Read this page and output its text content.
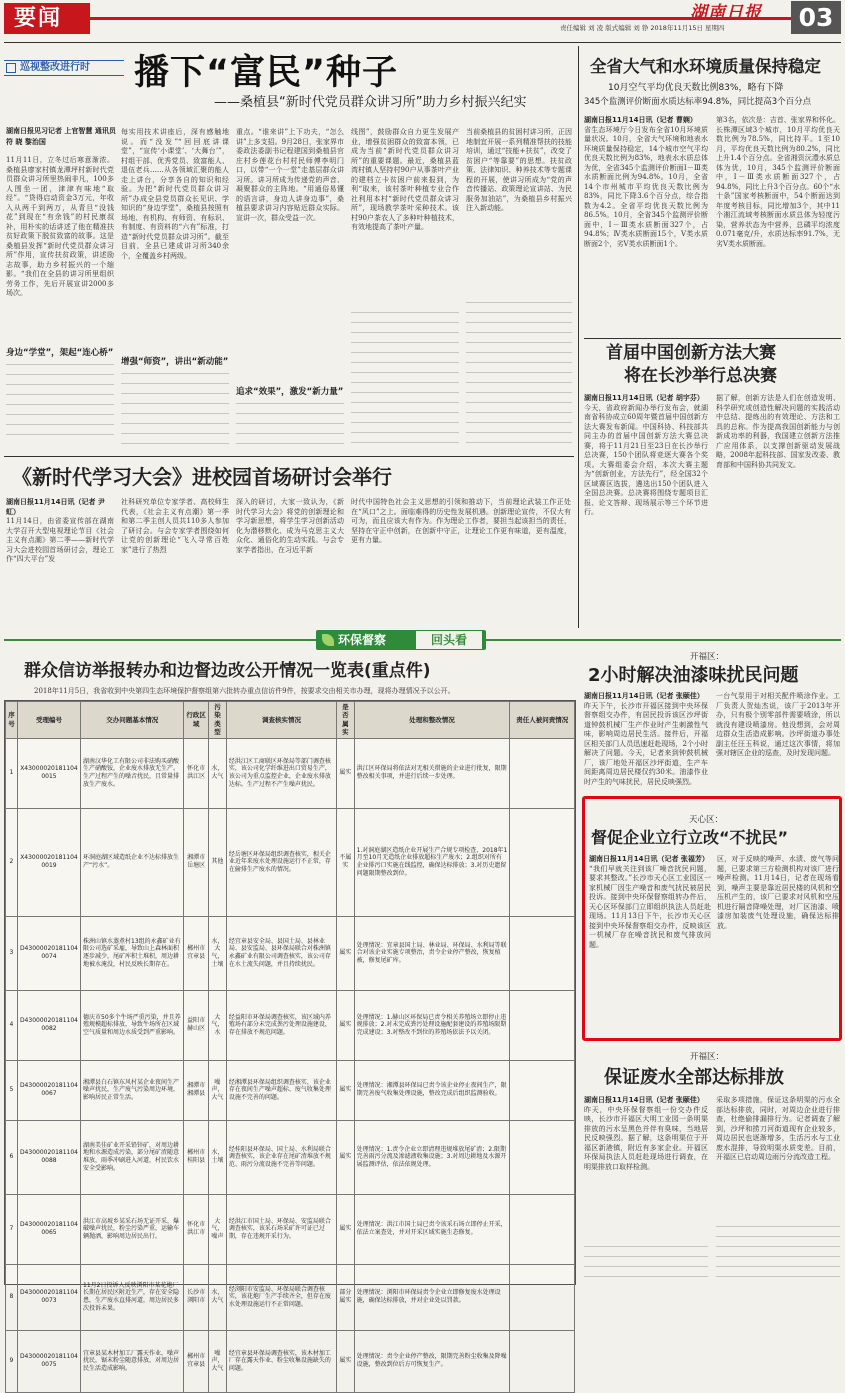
要闻	湖南日报	03
责任编辑 刘 凌 版式编辑 刘 铮 2018年11月15日 星期四
巡视整改进行时 播下“富民”种子
——桑植县“新时代党员群众讲习所”助力乡村振兴纪实
湖南日报见习记者 上官智慧 通讯员 符 晓 黎治国

11月11日，立冬过后寒意渐浓。桑植县廖家村镇龙潭坪村新时代党员群众讲习所里热闹非凡，100多人围坐一团，津津有味地“取经”。“贷得启动资金3万元，年收入从两千到两万，从青旦“没钱花”到现在“有余钱”的村民康叔补，用朴实的话讲述了他在精准扶贫好政策下脱贫致富的故事。这是桑植县发挥“新时代党员群众讲习所”作用，宣传扶贫政策，讲述励志故事，助力乡村振兴的一个缩影。“我们在全县的讲习所里组织劳务工作，先后开展宣讲2000多场次。

身边“学堂”，架起“连心桥”

每实用技术讲座后，深有感触地说。而“没发”“回回底讲课堂”，“宣传‘小课堂’、‘大舞台’”，村组干部、优秀党员、致富能人、退伍老兵……从各领域汇聚的能人走上讲台，分享各自的知识和经验。为把“新时代党员群众讲习所”办成全县党员群众长见识、学知识的“身边学堂”，桑植县按照有场地、有机构、有师资、有标识、有制度、有资料的“六有”标准，打造“新时代党员群众讲习所”。截至目前，全县已建成讲习所340余个，全覆盖乡村两级。

增强“师资”，讲出“新动能”

重点。“谁来讲”上下功夫，“怎么讲”上多支招。9月28日，张家界市委政法委副书记程建国到桑植县官庄村乡莲花台村村民师傅李明门口，以带“一个一堂”走基层群众讲习所。讲习所成为传递党的声音、凝聚群众的主阵地。“用通俗易懂的语言讲，身边人讲身边事”，桑植县要求讲习内容贴近群众实际。宣讲一次，群众受益一次。

追求“效果”，激发“新力量”

线图”，鼓励群众自力更生发展产业，增强贫困群众的致富本领，已成为当前“新时代党员群众讲习所”的重要课题。最近，桑植县蓝湾村镇人坚持村90户从事茶叶产业的建档立卡贫困户前来报到，为利“取来，该村茶叶种植专业合作社利用本村“新时代党员群众讲习所”，现场教学茶叶采种技术。该村90户茶农人了多种叶种植技术，有效地提高了茶叶产量。

当前桑植县的贫困村讲习所，正因地制宜开展一系列精准帮扶的技能培训，通过“技能+扶贫”，改变了贫困户“等靠要”的思想。扶贫政策、法律知识、种养技术等专题课程的开展，使讲习所成为“党的声音传播站、政策理论宣讲站、为民服务加油站”，为桑植县乡村振兴注入新动能。

全省大气和水环境质量保持稳定
10月空气平均优良天数比例83%，略有下降
345个监测评价断面水质达标率94.8%，同比提高3个百分点
湖南日报11月14日讯（记者 曹娴）

省生态环境厅今日发布全省10月环境质量状况。10月，全省大气环境和地表水环境质量保持稳定，14个城市空气平均优良天数比例为83%，地表水水质总体为优，全省345个监测评价断面Ⅰ－Ⅲ类水质断面比例为94.8%。10月，全省14个市州城市平均优良天数比例为83%，同比下降3.6个百分点，综合指数为4.2。全省平均优良天数比例为86.5%。10月，全省345个监测评价断面中，Ⅰ－Ⅲ类水质断面327个，占94.8%；Ⅳ类水质断面15个，Ⅴ类水质断面2个，劣Ⅴ类水质断面1个。

第3名，依次是：吉首、张家界和怀化。长株潭区域3个城市，10月平均优良天数比例为78.5%，同比持平。1至10月，平均优良天数比例为80.2%，同比上升1.4个百分点。全省湘资沅澧水质总体为优，10月，345个监测评价断面中，Ⅰ－Ⅲ类水质断面327个，占94.8%，同比上升3个百分点。60个“水十条”国家考核断面中，54个断面达到年度考核目标，同比增加3个，其中11个湘江流域考核断面水质总体为轻度污染，营养状态为中营养，总磷平均浓度0.071毫克/升，水质达标率91.7%，无劣V类水质断面。

首届中国创新方法大赛
将在长沙举行总决赛
湖南日报11月14日讯（记者 胡宇芬）

今天，省政府新闻办举行发布会，就湖南省科协成立60周年暨首届中国创新方法大赛发布新闻。中国科协、科技部共同主办的首届中国创新方法大赛总决赛，将于11月21日至23日在长沙举行总决赛，150个团队将竞逐大赛各个奖项。大赛组委会介绍，本次大赛主题为“创新创业，方法先行”，经全国32个区域赛区选拔，遴选出150个团队进入全国总决赛。总决赛将围绕专题项目汇报、论文答辩、现场展示等三个环节进行。

据了解，创新方法是人们在创造发明、科学研究或创造性解决问题的实践活动中总结、提炼出的有效理论、方法和工具的总称。作为提高我国创新能力与创新成功率的利器，我国建立创新方法推广应用体系，以支撑创新驱动发展战略，2008年起科技部、国家发改委、教育部和中国科协共同发文。

《新时代学习大会》进校园首场研讨会举行
湖南日报11月14日讯（记者 尹虹）

11月14日，由省委宣传部在湖南大学召开大型电视理论节目《社会主义有点潮》第二季——新时代学习大会进校园首场研讨会，理论工作“四大平台”发

社科研究单位专家学者、高校师生代表，《社会主义有点潮》第一季和第二季主创人员共110多人参加了研讨会。与会专家学者围绕如何让党的创新理论“飞入寻常百姓家”进行了热烈

深入的研讨，大家一致认为，《新时代学习大会》将党的创新理论和学习新思想，将学生学习创新活动化为潜移默化、成为马克思主义大众化、通俗化的生动实践。与会专家学者指出，在习近平新

时代中国特色社会主义思想的引领和推动下，当前理论武装工作正处在“风口”之上。面临难得的历史性发展机遇。创新理论宣传，不仅大有可为，而且应该大有作为。作为理论工作者，要担当起该担当的责任，坚持在守正中创新，在创新中守正，让理论工作更有味道，更有温度，更有力量。

环保督察	回头看
群众信访举报转办和边督边改公开情况一览表(重点件)
2018年11月5日，我省收到中央第四生态环境保护督察组第六批转办重点信访件9件，按要求交由相关市办理，现将办理情况予以公开。
序号	受理编号	交办问题基本情况	行政区域	污染类型	调查核实情况	是否属实	处理和整改情况	责任人被问责情况
1	X43000020181104 0015	湖南汉华化工有限公司非法购买硝酸生产硝酸铵，企业废水排放无生产。生产过程产生的噪音扰民，且常量排放生产废水。	怀化市洪江区	水，大气	经洪江区工商联区环保局等部门调查核实，该公司化学纤维进出口贸易生产，该公司为重点监控企业，企业废水排放达标。生产过程不产生噪声扰民。	属实	洪江区环保局将依法对无相关措施的企业进行批复，限期整改相关事项，并进行后续一步处理。	
2	X43000020181104 0019	环洞庭湖区域造纸企业不达标排放生产“污水”。	湘潭市岳塘区	其他	经岳塘区环保局组织调查核实，相关企业近年来废水处理设施运行不正常，存在偷排生产废水的情况。	不属实	1.对洞庭湖区造纸企业开展生产合规专项检查，2018年1月至10月无造纸企业排放超标生产废水；2.组织对所有企业排污口实施在线监控，确保达标排放；3.对历史遗留问题限期整改到位。	
3	D43000020181104 0074	株洲山镇水蒸煮村13组的永鑫矿业有限公司选矿采雇，导致山上森林面积逐步减少，尾矿库积土堆积，周边耕地被水淹没，村民反映长期存在。	郴州市宜章县	水，大气，土壤	经宜章县安全局、县国土局、县林业局、县安监局、县环保局联合对株洲镇永鑫矿业有限公司调查核实，该公司存在水土流失问题，并且持续扰民。	属实	处理情况：宜章县国土局、林业局、环保局、水利局等联合对该企业实施专项整治，责令企业停产整改，恢复植被，修复尾矿库。	
4	D43000020181104 0082	德庆市50多个牛场严重污染，并且养殖规模超标排放，导致牛场所在区域空气质量和周边水质受到严重影响。	益阳市赫山区	大气，水	经益阳市环保局调查核实，该区域内养殖场有部分未完成粪污处理设施建设，存在排放不规范问题。	属实	处理情况：1.赫山区环保局已责令相关养殖场立即停止违规排放；2.对未完成粪污处理设施配套建设的养殖场限期完成建设；3.对整改不到位的养殖场依法予以关闭。	
5	D43000020181104 0067	湘潭县白石镇东风村某企业夜间生产噪声扰民，生产废气污染周边环境，影响居民正常生活。	湘潭市湘潭县	噪声，大气	经湘潭县环保局组织调查核实，该企业存在夜间生产噪声超标、废气收集处理设施不完善的问题。	属实	处理情况：湘潭县环保局已责令该企业停止夜间生产，限期完善废气收集处理设施，整改完成后组织监测验收。	
6	D43000020181104 0088	湖南美佳矿业开采铅锌矿，对周边耕地和水源造成污染，部分尾矿渣随意堆放，雨季冲刷进入河道，村民饮水安全受影响。	郴州市桂阳县	水，土壤	经桂阳县环保局、国土局、水利局联合调查核实，该企业存在尾矿渣堆放不规范、雨污分流设施不完善等问题。	属实	处理情况：1.责令企业立即清理违规堆放尾矿渣；2.限期完善雨污分流及渗滤液收集设施；3.对周边耕地及水源开展监测评估，依法依规处理。	
7	D43000020181104 0065	洪江市高坡乡某采石场无证开采，爆破噪声扰民，粉尘污染严重，运输车辆抛洒，影响周边居民出行。	怀化市洪江市	大气，噪声	经洪江市国土局、环保局、安监局联合调查核实，该采石场采矿许可证已过期，存在违规开采行为。	属实	处理情况：洪江市国土局已责令该采石场立即停止开采，依法立案查处，并对开采区域实施生态修复。	
8	D43000020181104 0073	11月2日投诉人反映浏阳市某花炮厂长期在居民区附近生产，存在安全隐患，生产废水直排河道，周边居民多次投诉未果。	长沙市浏阳市	水，大气	经浏阳市安监局、环保局联合调查核实，该花炮厂生产手续齐全，但存在废水处理设施运行不正常问题。	部分属实	处理情况：浏阳市环保局责令企业立即修复废水处理设施，确保达标排放，并对企业处以罚款。	
9	D43000020181104 0075	宜章县某木材加工厂露天作业，噪声扰民，锯末粉尘随意排放，对周边居民生活造成影响。	郴州市宜章县	噪声，大气	经宜章县环保局调查核实，该木材加工厂存在露天作业、粉尘收集设施缺失的问题。	属实	处理情况：责令企业停产整改，限期完善粉尘收集及降噪设施，整改到位后方可恢复生产。	
开福区：
2小时解决油漆味扰民问题
湖南日报11月14日讯（记者 张颐佳）

昨天下午，长沙市开福区接到中央环保督察组交办件，有居民投诉该区沙坪街道钟鼓机械厂生产作业时产生刺激性气味，影响周边居民生活。接件后，开福区相关部门人员迅速赶赴现场，2个小时解决了问题。今天，记者来到钟鼓机械厂，该厂地处开福区沙坪街道，生产车间距离周边居民楼仅约30米。油漆作业时产生的气味扰民，居民反映强烈。

一台气泵用于对相关配件喷涂作业。工厂负责人贺灿杰说，该厂于2013年开办，只有极个别零部件需要喷涂，所以就没有建设喷漆房。他没想到，会对周边群众生活造成影响。沙坪街道办事处副主任汪玉科说，通过这次事情，将加强对辖区企业的巡查，及时发现问题。

天心区：
督促企业立行立改“不扰民”
湖南日报11月14日讯（记者 张福芳）

“我们早就关注到该厂噪音扰民问题，要求其整改。”长沙市天心区工业园区一家机械厂因生产噪音和废气扰民被居民投诉。接到中央环保督察组转办件后，天心区环保部门立即组织执法人员赶赴现场。11月13日下午，长沙市天心区接到中央环保督察组交办件，反映该区一机械厂存在噪音扰民和废气排放问题。

区，对于反映的噪声、水渍、废气等问题，已要求第三方检测机构对该厂进行噪声检测。11月14日，记者在现场看到，噪声主要是靠近居民楼的风机和空压机产生的，该厂已要求对风机和空压机进行隔音降噪处理，对厂区油漆、喷漆房加装废气处理设施，确保达标排放。

开福区：
保证废水全部达标排放
湖南日报11月14日讯（记者 张颐佳）

昨天，中央环保督察组一份交办件反映，长沙市开福区大明工业园一条明渠排放的污水呈黑色并伴有臭味，当地居民反映强烈。据了解，这条明渠位于开福区新港镇，附近有多家企业。开福区环保局执法人员赶赴现场进行调查，在明渠排放口取样检测。

采取多项措施，保证这条明渠的污水全部达标排放，同时，对周边企业进行排查，杜绝偷排漏排行为。记者调查了解到，沙坪和捞刀河街道现有企业较多，周边居民也逐渐增多，生活污水与工业废水混排，导致明渠水质变差。目前，开福区已启动周边雨污分流改造工程。
